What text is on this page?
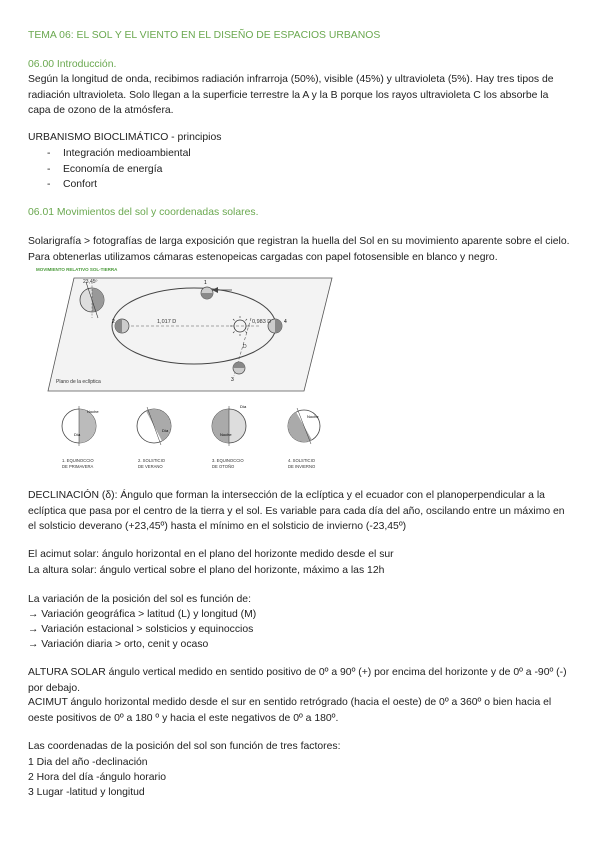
TEMA 06: EL SOL Y EL VIENTO EN EL DISEÑO DE ESPACIOS URBANOS
06.00 Introducción.
Según la longitud de onda, recibimos radiación infrarroja (50%), visible (45%) y ultravioleta (5%). Hay tres tipos de radiación ultravioleta. Solo llegan a la superficie terrestre la A y la B porque los rayos ultravioleta C los absorbe la capa de ozono de la atmósfera.
URBANISMO BIOCLIMÁTICO - principios
- Integración medioambiental
- Economía de energía
- Confort
06.01 Movimientos del sol y coordenadas solares.
Solarigrafía > fotografías de larga exposición que registran la huella del Sol en su movimiento aparente sobre el cielo. Para obtenerlas utilizamos cámaras estenopeicas cargadas con papel fotosensible en blanco y negro.
MOVIMIENTO RELATIVO SOL-TIERRA
23,45º
2	4
1
3
1,017 D	0,983 D
D
Plano de la eclíptica
Noche
Día
Día
Día
Noche
Noche
1. EQUINOCCIO
DE PRIMAVERA
2. SOLSTICIO
DE VERANO
3. EQUINOCCIO
DE OTOÑO
4. SOLSTICIO
DE INVIERNO
DECLINACIÓN (δ): Ángulo que forman la intersección de la eclíptica y el ecuador con el planoperpendicular a la eclíptica que pasa por el centro de la tierra y el sol. Es variable para cada día del año, oscilando entre un máximo en el solsticio deverano (+23,45º) hasta el mínimo en el solsticio de invierno (-23,45º)
El acimut solar: ángulo horizontal en el plano del horizonte medido desde el sur
La altura solar: ángulo vertical sobre el plano del horizonte, máximo a las 12h
La variación de la posición del sol es función de:
→ Variación geográfica > latitud (L) y longitud (M)
→ Variación estacional > solsticios y equinoccios
→ Variación diaria > orto, cenit y ocaso
ALTURA SOLAR ángulo vertical medido en sentido positivo de 0º a 90º (+) por encima del horizonte y de 0º a -90º (-) por debajo.
ACIMUT ángulo horizontal medido desde el sur en sentido retrógrado (hacia el oeste) de 0º a 360º o bien hacia el oeste positivos de 0º a 180 º y hacia el este negativos de 0º a 180º.
Las coordenadas de la posición del sol son función de tres factores:
1 Dia del año -declinación
2 Hora del día -ángulo horario
3 Lugar -latitud y longitud
